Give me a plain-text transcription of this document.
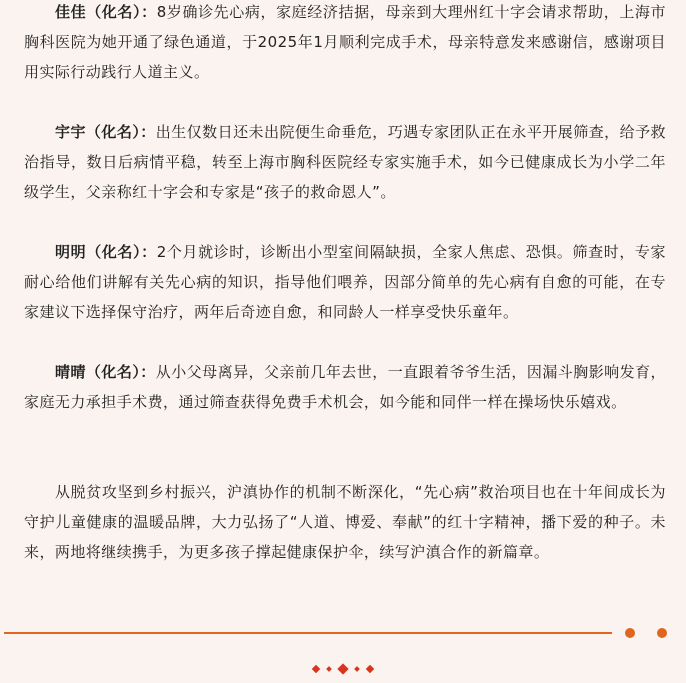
佳佳（化名）：8岁确诊先心病，家庭经济拮据，母亲到大理州红十字会请求帮助，上海市胸科医院为她开通了绿色通道，于2025年1月顺利完成手术，母亲特意发来感谢信，感谢项目用实际行动践行人道主义。

宇宇（化名）：出生仅数日还未出院便生命垂危，巧遇专家团队正在永平开展筛查，给予救治指导，数日后病情平稳，转至上海市胸科医院经专家实施手术，如今已健康成长为小学二年级学生，父亲称红十字会和专家是“孩子的救命恩人”。

明明（化名）：2个月就诊时，诊断出小型室间隔缺损，全家人焦虑、恐惧。筛查时，专家耐心给他们讲解有关先心病的知识，指导他们喂养，因部分简单的先心病有自愈的可能，在专家建议下选择保守治疗，两年后奇迹自愈，和同龄人一样享受快乐童年。

晴晴（化名）：从小父母离异，父亲前几年去世，一直跟着爷爷生活，因漏斗胸影响发育，家庭无力承担手术费，通过筛查获得免费手术机会，如今能和同伴一样在操场快乐嬉戏。

从脱贫攻坚到乡村振兴，沪滇协作的机制不断深化，“先心病”救治项目也在十年间成长为守护儿童健康的温暖品牌，大力弘扬了“人道、博爱、奉献”的红十字精神，播下爱的种子。未来，两地将继续携手，为更多孩子撑起健康保护伞，续写沪滇合作的新篇章。
